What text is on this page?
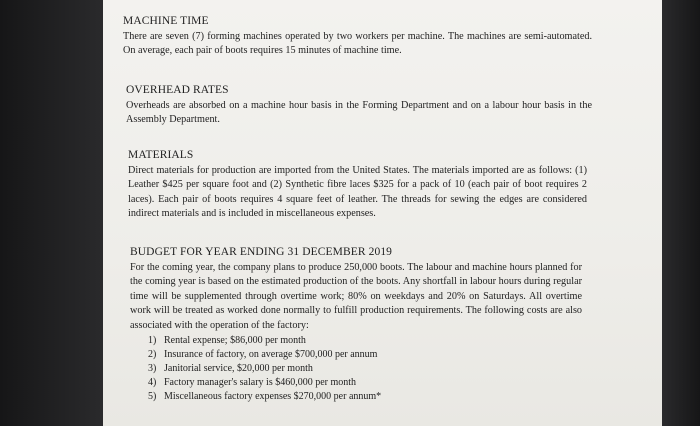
MACHINE TIME
There are seven (7) forming machines operated by two workers per machine. The machines are semi-automated. On average, each pair of boots requires 15 minutes of machine time.
OVERHEAD RATES
Overheads are absorbed on a machine hour basis in the Forming Department and on a labour hour basis in the Assembly Department.
MATERIALS
Direct materials for production are imported from the United States. The materials imported are as follows: (1) Leather $425 per square foot and (2) Synthetic fibre laces $325 for a pack of 10 (each pair of boot requires 2 laces). Each pair of boots requires 4 square feet of leather. The threads for sewing the edges are considered indirect materials and is included in miscellaneous expenses.
BUDGET FOR YEAR ENDING 31 DECEMBER 2019
For the coming year, the company plans to produce 250,000 boots. The labour and machine hours planned for the coming year is based on the estimated production of the boots. Any shortfall in labour hours during regular time will be supplemented through overtime work; 80% on weekdays and 20% on Saturdays. All overtime work will be treated as worked done normally to fulfill production requirements. The following costs are also associated with the operation of the factory:
1) Rental expense; $86,000 per month
2) Insurance of factory, on average $700,000 per annum
3) Janitorial service, $20,000 per month
4) Factory manager's salary is $460,000 per month
5) Miscellaneous factory expenses $270,000 per annum*
